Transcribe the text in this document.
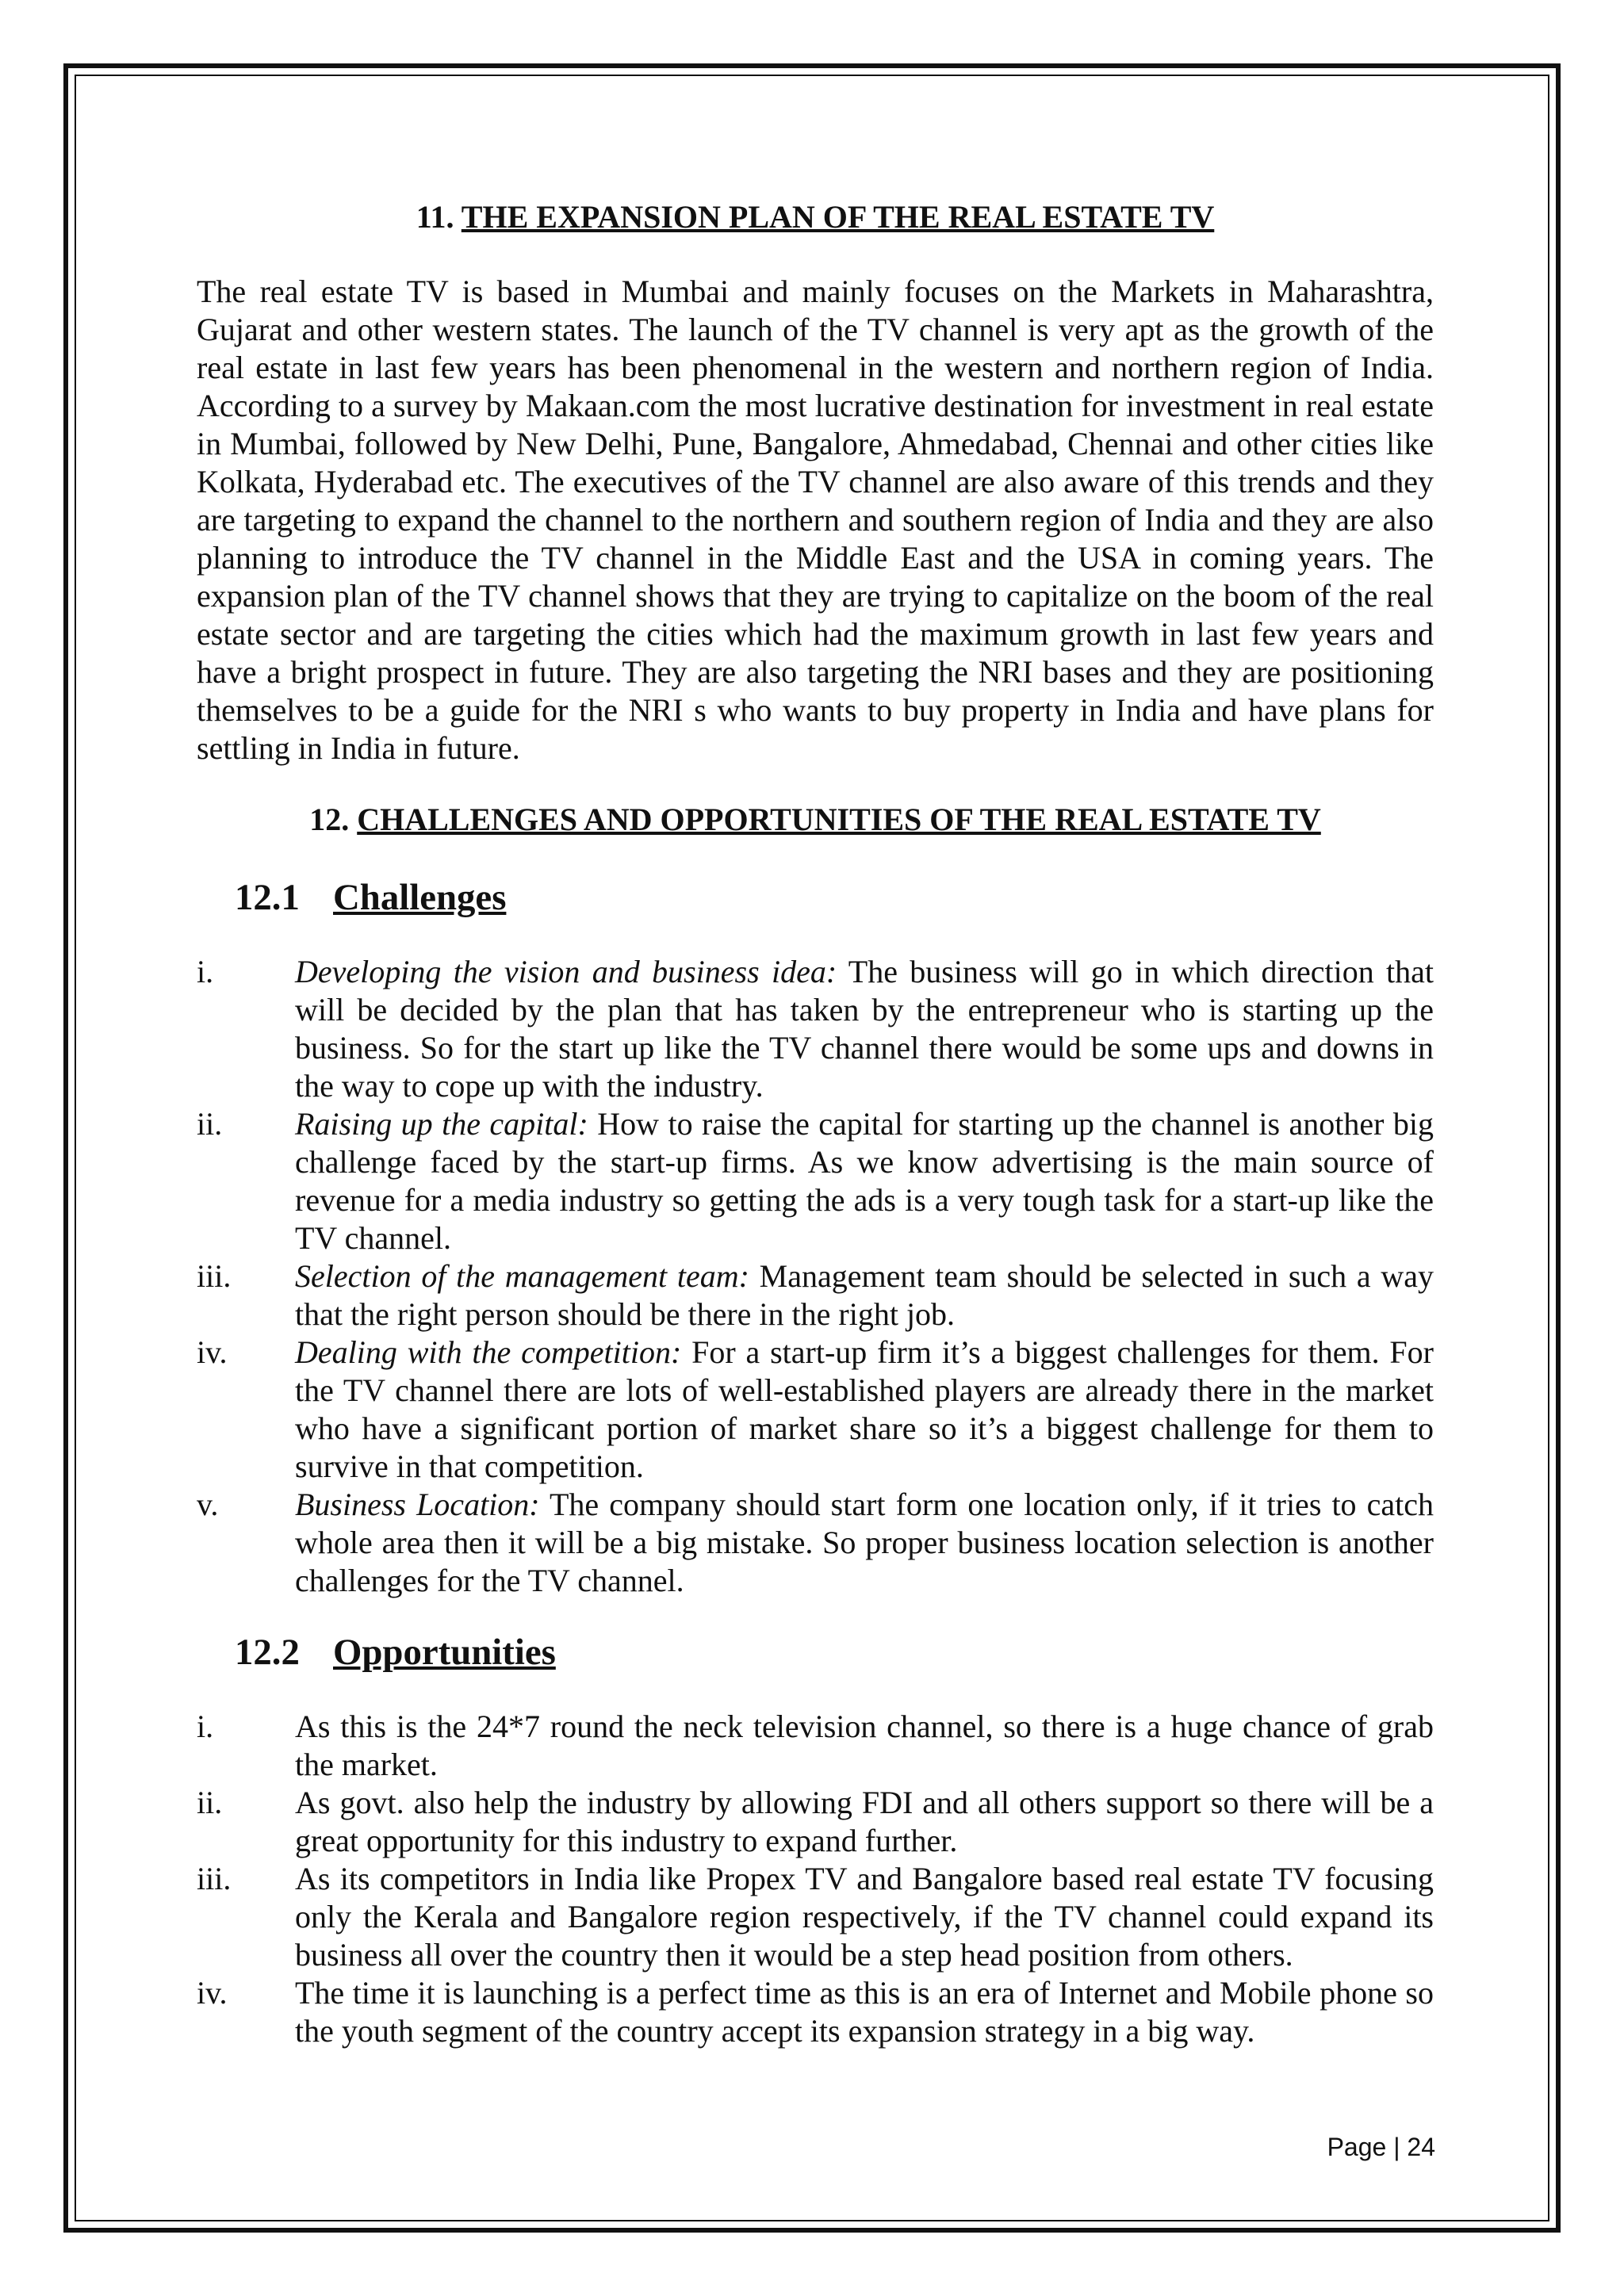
11. THE EXPANSION PLAN OF THE REAL ESTATE TV

The real estate TV is based in Mumbai and mainly focuses on the Markets in Maharashtra, Gujarat and other western states. The launch of the TV channel is very apt as the growth of the real estate in last few years has been phenomenal in the western and northern region of India. According to a survey by Makaan.com the most lucrative destination for investment in real estate in Mumbai, followed by New Delhi, Pune, Bangalore, Ahmedabad, Chennai and other cities like Kolkata, Hyderabad etc. The executives of the TV channel are also aware of this trends and they are targeting to expand the channel to the northern and southern region of India and they are also planning to introduce the TV channel in the Middle East and the USA in coming years. The expansion plan of the TV channel shows that they are trying to capitalize on the boom of the real estate sector and are targeting the cities which had the maximum growth in last few years and have a bright prospect in future. They are also targeting the NRI bases and they are positioning themselves to be a guide for the NRI s who wants to buy property in India and have plans for settling in India in future.

12. CHALLENGES AND OPPORTUNITIES OF THE REAL ESTATE TV
12.1 Challenges
i.	Developing the vision and business idea: The business will go in which direction that will be decided by the plan that has taken by the entrepreneur who is starting up the business. So for the start up like the TV channel there would be some ups and downs in the way to cope up with the industry.
ii.	Raising up the capital: How to raise the capital for starting up the channel is another big challenge faced by the start-up firms. As we know advertising is the main source of revenue for a media industry so getting the ads is a very tough task for a start-up like the TV channel.
iii.	Selection of the management team: Management team should be selected in such a way that the right person should be there in the right job.
iv.	Dealing with the competition: For a start-up firm it’s a biggest challenges for them. For the TV channel there are lots of well-established players are already there in the market who have a significant portion of market share so it’s a biggest challenge for them to survive in that competition.
v.	Business Location: The company should start form one location only, if it tries to catch whole area then it will be a big mistake. So proper business location selection is another challenges for the TV channel.
12.2 Opportunities
i.	As this is the 24*7 round the neck television channel, so there is a huge chance of grab the market.
ii.	As govt. also help the industry by allowing FDI and all others support so there will be a great opportunity for this industry to expand further.
iii.	As its competitors in India like Propex TV and Bangalore based real estate TV focusing only the Kerala and Bangalore region respectively, if the TV channel could expand its business all over the country then it would be a step head position from others.
iv.	The time it is launching is a perfect time as this is an era of Internet and Mobile phone so the youth segment of the country accept its expansion strategy in a big way.
Page | 24
